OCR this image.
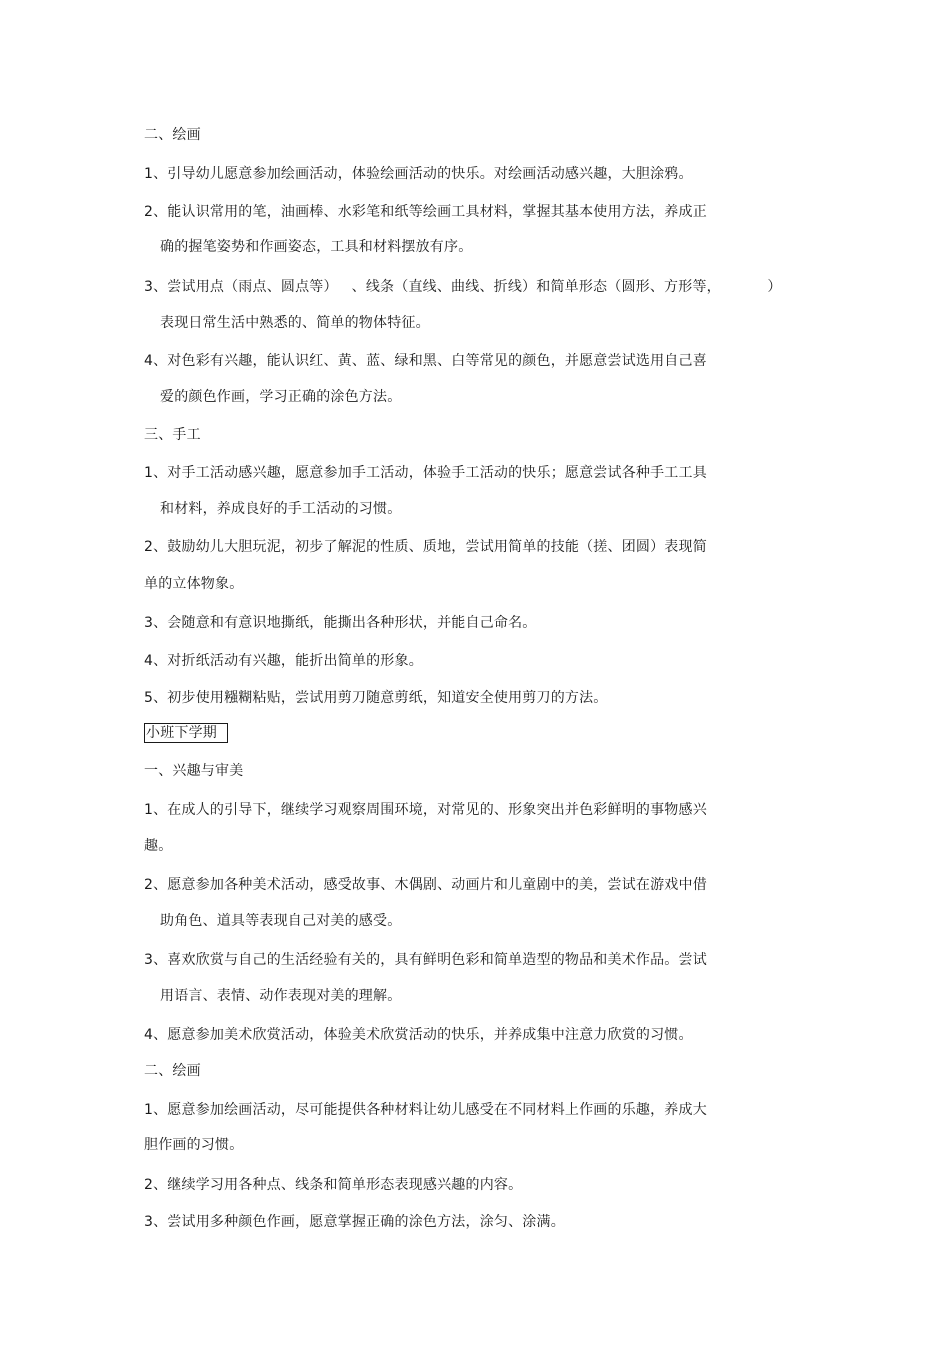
二、绘画
1、引导幼儿愿意参加绘画活动，体验绘画活动的快乐。对绘画活动感兴趣，大胆涂鸦。
2、能认识常用的笔，油画棒、水彩笔和纸等绘画工具材料，掌握其基本使用方法，养成正
确的握笔姿势和作画姿态，工具和材料摆放有序。
3、尝试用点（雨点、圆点等）   、线条（直线、曲线、折线）和简单形态（圆形、方形等，          ）
表现日常生活中熟悉的、简单的物体特征。
4、对色彩有兴趣，能认识红、黄、蓝、绿和黑、白等常见的颜色，并愿意尝试选用自己喜
爱的颜色作画，学习正确的涂色方法。
三、手工
1、对手工活动感兴趣，愿意参加手工活动，体验手工活动的快乐；愿意尝试各种手工工具
和材料，养成良好的手工活动的习惯。
2、鼓励幼儿大胆玩泥，初步了解泥的性质、质地，尝试用简单的技能（搓、团圆）表现简
单的立体物象。
3、会随意和有意识地撕纸，能撕出各种形状，并能自己命名。
4、对折纸活动有兴趣，能折出简单的形象。
5、初步使用糨糊粘贴，尝试用剪刀随意剪纸，知道安全使用剪刀的方法。
小班下学期
一、兴趣与审美
1、在成人的引导下，继续学习观察周围环境，对常见的、形象突出并色彩鲜明的事物感兴
趣。
2、愿意参加各种美术活动，感受故事、木偶剧、动画片和儿童剧中的美，尝试在游戏中借
助角色、道具等表现自己对美的感受。
3、喜欢欣赏与自己的生活经验有关的，具有鲜明色彩和简单造型的物品和美术作品。尝试
用语言、表情、动作表现对美的理解。
4、愿意参加美术欣赏活动，体验美术欣赏活动的快乐，并养成集中注意力欣赏的习惯。
二、绘画
1、愿意参加绘画活动，尽可能提供各种材料让幼儿感受在不同材料上作画的乐趣，养成大
胆作画的习惯。
2、继续学习用各种点、线条和简单形态表现感兴趣的内容。
3、尝试用多种颜色作画，愿意掌握正确的涂色方法，涂匀、涂满。
